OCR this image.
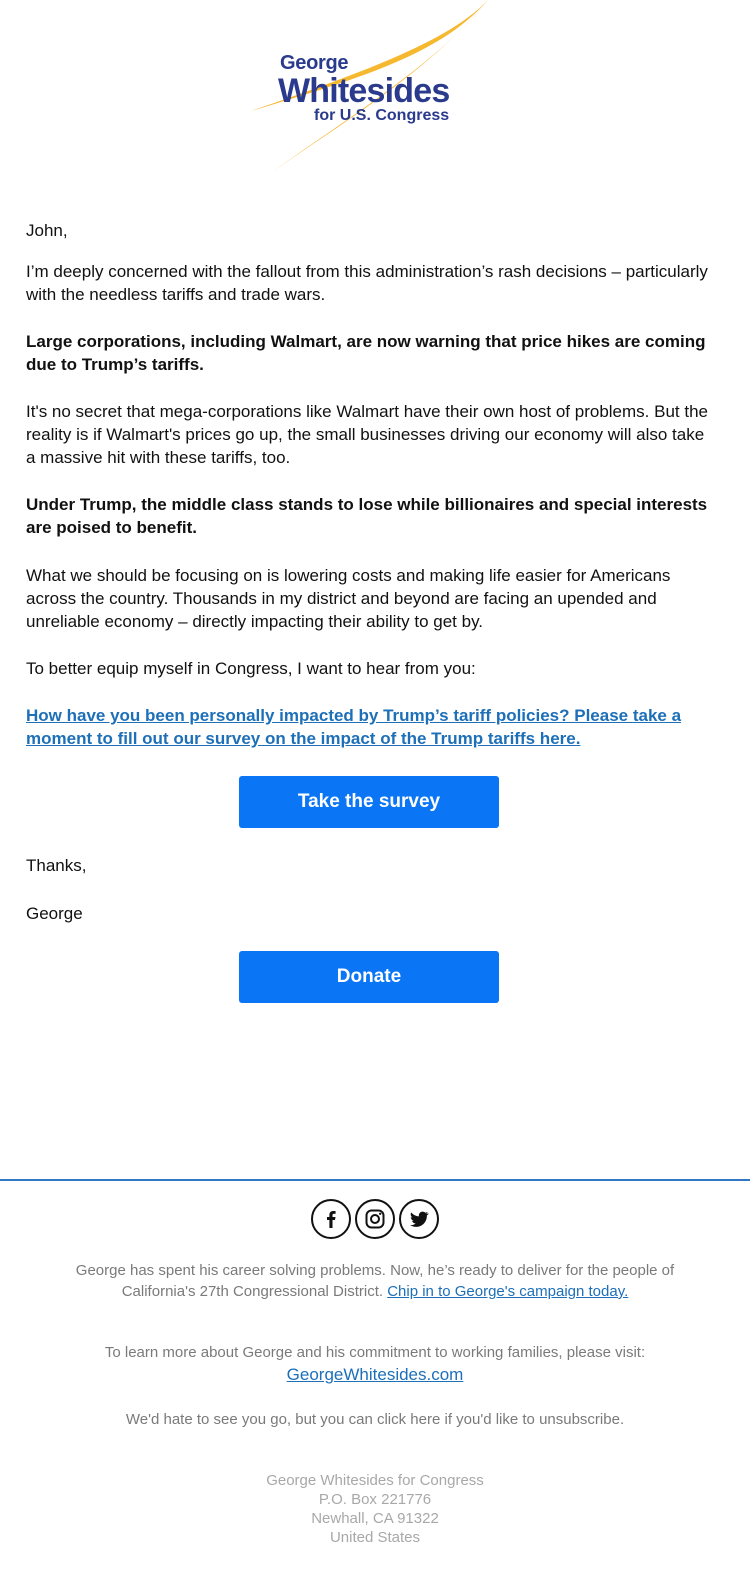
George
Whitesides
for U.S. Congress

John,

I’m deeply concerned with the fallout from this administration’s rash decisions – particularly with the needless tariffs and trade wars.

Large corporations, including Walmart, are now warning that price hikes are coming due to Trump’s tariffs.

It's no secret that mega-corporations like Walmart have their own host of problems. But the reality is if Walmart's prices go up, the small businesses driving our economy will also take a massive hit with these tariffs, too.

Under Trump, the middle class stands to lose while billionaires and special interests are poised to benefit.

What we should be focusing on is lowering costs and making life easier for Americans across the country. Thousands in my district and beyond are facing an upended and unreliable economy – directly impacting their ability to get by.

To better equip myself in Congress, I want to hear from you:

How have you been personally impacted by Trump’s tariff policies? Please take a moment to fill out our survey on the impact of the Trump tariffs here.

Thanks,

George

Take the survey
Donate
George has spent his career solving problems. Now, he’s ready to deliver for the people of California's 27th Congressional District. Chip in to George's campaign today.
To learn more about George and his commitment to working families, please visit:
GeorgeWhitesides.com
We'd hate to see you go, but you can click here if you'd like to unsubscribe.
George Whitesides for Congress
P.O. Box 221776
Newhall, CA 91322
United States
